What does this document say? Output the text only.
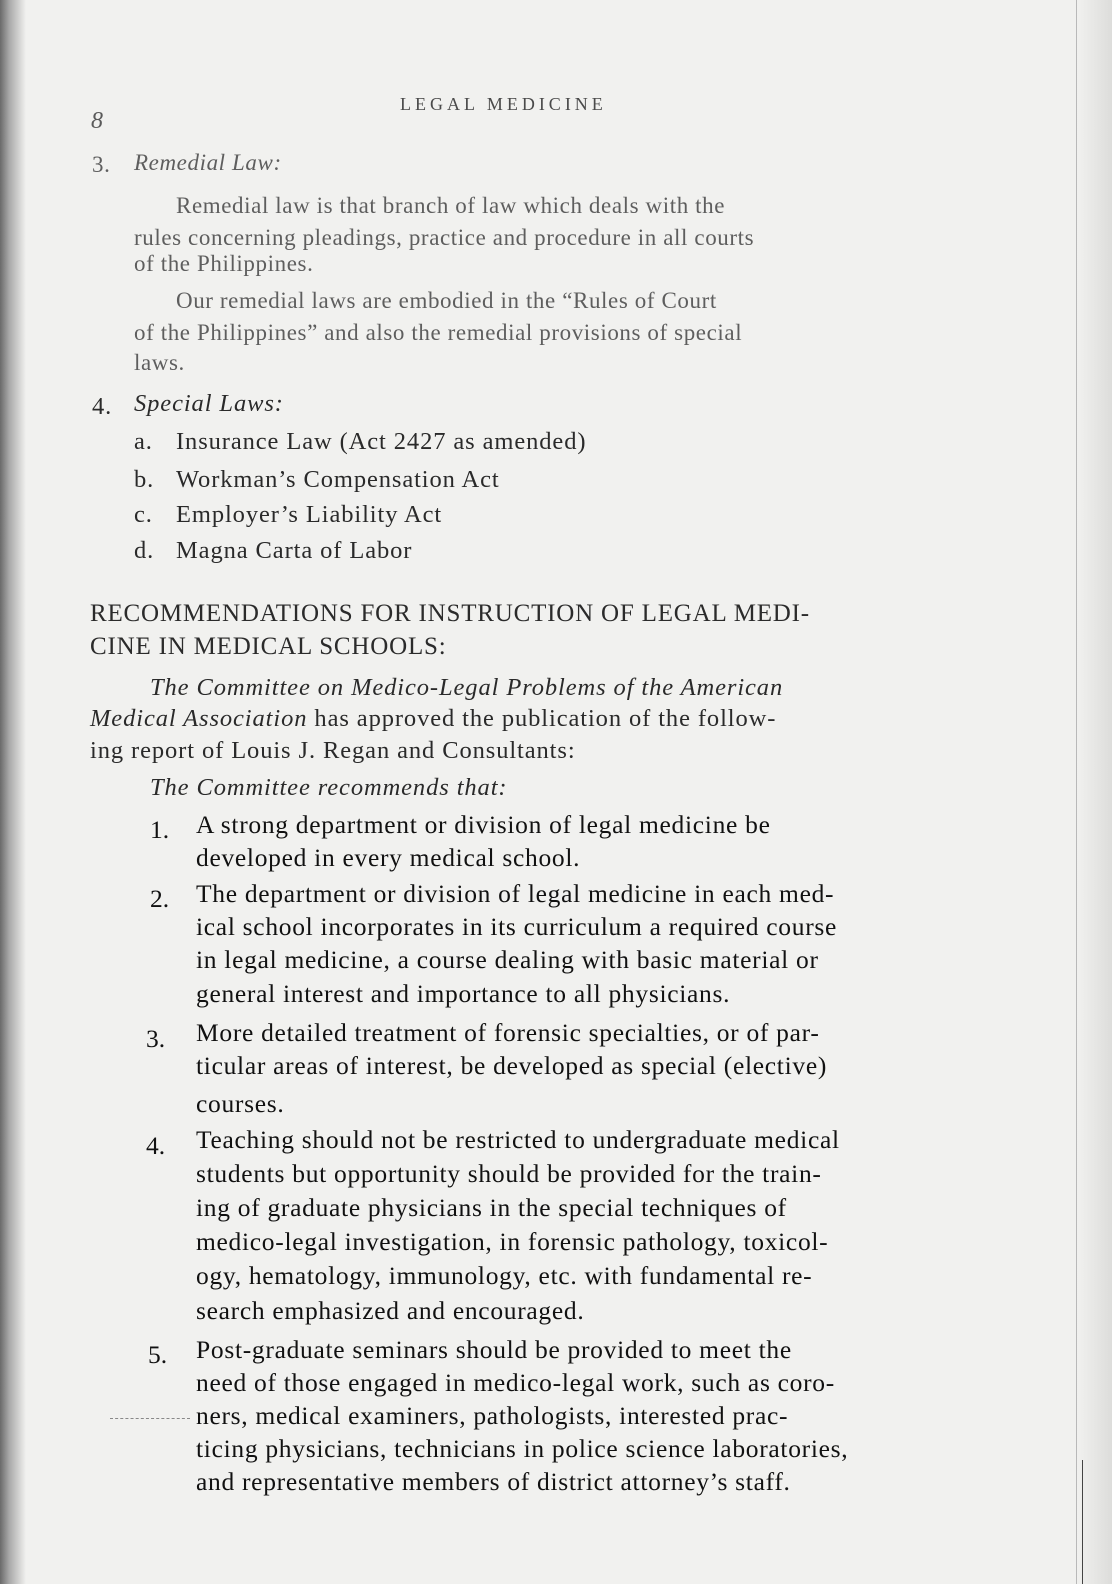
8
LEGAL MEDICINE
3. Remedial Law:
Remedial law is that branch of law which deals with the
rules concerning pleadings, practice and procedure in all courts
of the Philippines.
Our remedial laws are embodied in the “Rules of Court
of the Philippines” and also the remedial provisions of special
laws.
4. Special Laws:
a. Insurance Law (Act 2427 as amended)
b. Workman’s Compensation Act
c. Employer’s Liability Act
d. Magna Carta of Labor
RECOMMENDATIONS FOR INSTRUCTION OF LEGAL MEDI-
CINE IN MEDICAL SCHOOLS:
The Committee on Medico-Legal Problems of the American
Medical Association has approved the publication of the follow-
ing report of Louis J. Regan and Consultants:
The Committee recommends that:
1. A strong department or division of legal medicine be
developed in every medical school.
2. The department or division of legal medicine in each med-
ical school incorporates in its curriculum a required course
in legal medicine, a course dealing with basic material or
general interest and importance to all physicians.
3. More detailed treatment of forensic specialties, or of par-
ticular areas of interest, be developed as special (elective)
courses.
4. Teaching should not be restricted to undergraduate medical
students but opportunity should be provided for the train-
ing of graduate physicians in the special techniques of
medico-legal investigation, in forensic pathology, toxicol-
ogy, hematology, immunology, etc. with fundamental re-
search emphasized and encouraged.
5. Post-graduate seminars should be provided to meet the
need of those engaged in medico-legal work, such as coro-
ners, medical examiners, pathologists, interested prac-
ticing physicians, technicians in police science laboratories,
and representative members of district attorney’s staff.
